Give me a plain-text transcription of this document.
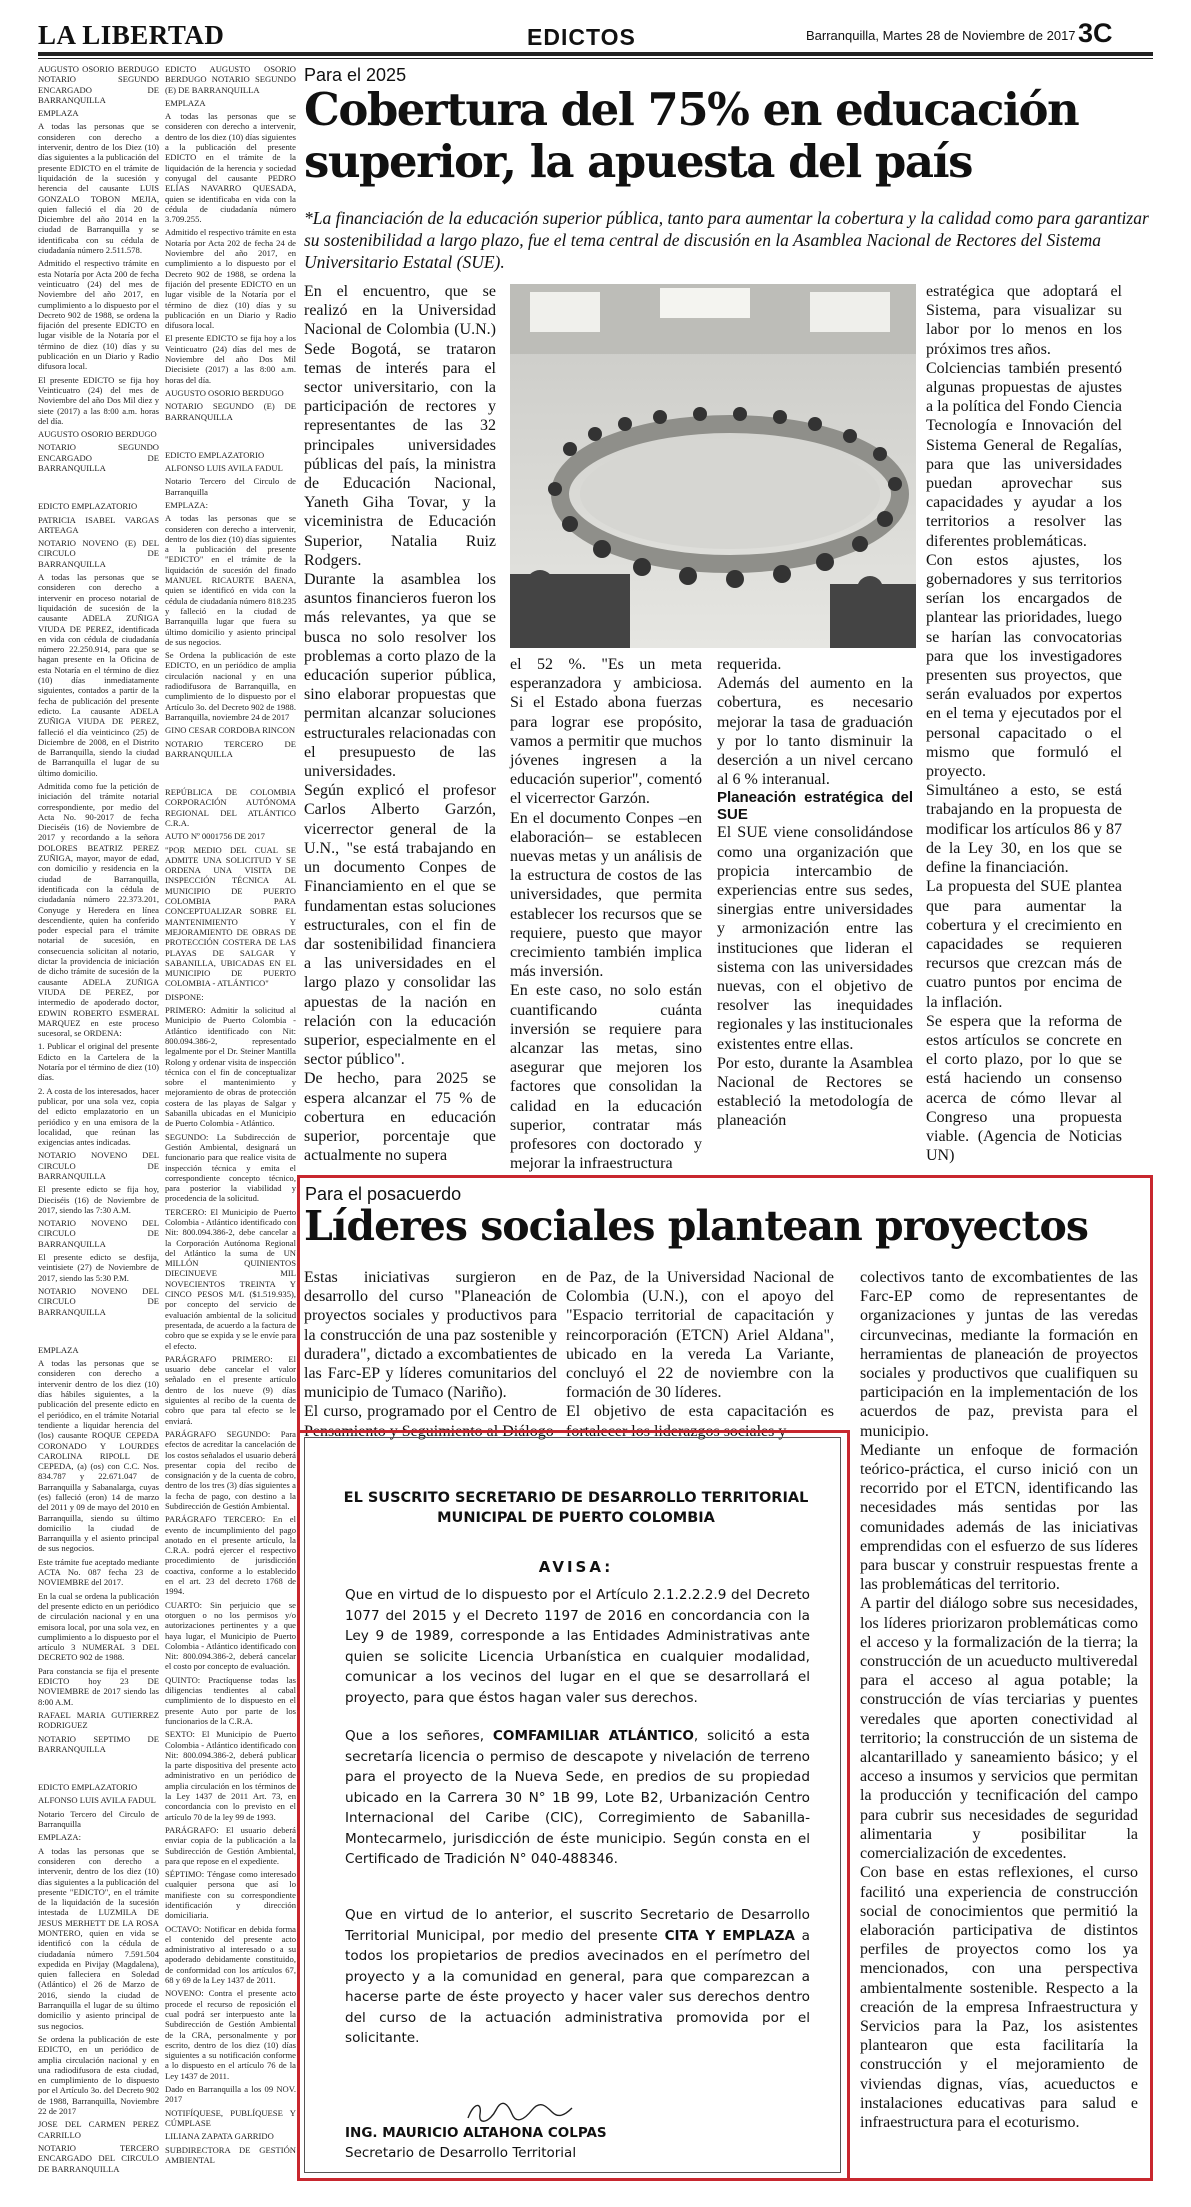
LA LIBERTAD	EDICTOS	Barranquilla, Martes 28 de Noviembre de 2017 3C

AUGUSTO OSORIO BERDUGO NOTARIO SEGUNDO ENCARGADO DE BARRANQUILLA

EMPLAZA

A todas las personas que se consideren con derecho a intervenir, dentro de los Diez (10) días siguientes a la publicación del presente EDICTO en el trámite de liquidación de la sucesión y herencia del causante LUIS GONZALO TOBON MEJIA, quien falleció el día 20 de Diciembre del año 2014 en la ciudad de Barranquilla y se identificaba con su cédula de ciudadanía número 2.511.578.

Admitido el respectivo trámite en esta Notaría por Acta 200 de fecha veinticuatro (24) del mes de Noviembre del año 2017, en cumplimiento a lo dispuesto por el Decreto 902 de 1988, se ordena la fijación del presente EDICTO en lugar visible de la Notaría por el término de diez (10) días y su publicación en un Diario y Radio difusora local.

El presente EDICTO se fija hoy Veinticuatro (24) del mes de Noviembre del año Dos Mil diez y siete (2017) a las 8:00 a.m. horas del día.

AUGUSTO OSORIO BERDUGO

NOTARIO SEGUNDO ENCARGADO DE BARRANQUILLA

EDICTO EMPLAZATORIO

PATRICIA ISABEL VARGAS ARTEAGA

NOTARIO NOVENO (E) DEL CIRCULO DE BARRANQUILLA

A todas las personas que se consideren con derecho a intervenir en proceso notarial de liquidación de sucesión de la causante ADELA ZUÑIGA VIUDA DE PEREZ, identificada en vida con cédula de ciudadanía número 22.250.914, para que se hagan presente en la Oficina de esta Notaría en el término de diez (10) días inmediatamente siguientes, contados a partir de la fecha de publicación del presente edicto. La causante ADELA ZUÑIGA VIUDA DE PEREZ, falleció el día veinticinco (25) de Diciembre de 2008, en el Distrito de Barranquilla, siendo la ciudad de Barranquilla el lugar de su último domicilio.

Admitida como fue la petición de iniciación del trámite notarial correspondiente, por medio del Acta No. 90-2017 de fecha Dieciséis (16) de Noviembre de 2017 y recordando a la señora DOLORES BEATRIZ PEREZ ZUÑIGA, mayor, mayor de edad, con domicilio y residencia en la ciudad de Barranquilla, identificada con la cédula de ciudadanía número 22.373.201, Conyuge y Heredera en línea descendiente, quien ha conferido poder especial para el trámite notarial de sucesión, en consecuencia solicitan al notario, dictar la providencia de iniciación de dicho trámite de sucesión de la causante ADELA ZUÑIGA VIUDA DE PEREZ, por intermedio de apoderado doctor, EDWIN ROBERTO ESMERAL MARQUEZ en este proceso sucesoral, se ORDENA:

1. Publicar el original del presente Edicto en la Cartelera de la Notaría por el término de diez (10) días.

2. A costa de los interesados, hacer publicar, por una sola vez, copia del edicto emplazatorio en un periódico y en una emisora de la localidad, que reúnan las exigencias antes indicadas.

NOTARIO NOVENO DEL CIRCULO DE BARRANQUILLA

El presente edicto se fija hoy, Dieciséis (16) de Noviembre de 2017, siendo las 7:30 A.M.

NOTARIO NOVENO DEL CIRCULO DE BARRANQUILLA

El presente edicto se desfija, veintisiete (27) de Noviembre de 2017, siendo las 5:30 P.M.

NOTARIO NOVENO DEL CIRCULO DE BARRANQUILLA

EMPLAZA

A todas las personas que se consideren con derecho a intervenir dentro de los diez (10) días hábiles siguientes, a la publicación del presente edicto en el periódico, en el trámite Notarial tendiente a liquidar herencia del (los) causante ROQUE CEPEDA CORONADO Y LOURDES CAROLINA RIPOLL DE CEPEDA, (a) (os) con C.C. Nos. 834.787 y 22.671.047 de Barranquilla y Sabanalarga, cuyas (es) falleció (eron) 14 de marzo del 2011 y 09 de mayo del 2010 en Barranquilla, siendo su último domicilio la ciudad de Barranquilla y el asiento principal de sus negocios.

Este trámite fue aceptado mediante ACTA No. 087 fecha 23 de NOVIEMBRE del 2017.

En la cual se ordena la publicación del presente edicto en un periódico de circulación nacional y en una emisora local, por una sola vez, en cumplimiento a lo dispuesto por el artículo 3 NUMERAL 3 DEL DECRETO 902 de 1988.

Para constancia se fija el presente EDICTO hoy 23 DE NOVIEMBRE de 2017 siendo las 8:00 A.M.

RAFAEL MARIA GUTIERREZ RODRIGUEZ

NOTARIO SEPTIMO DE BARRANQUILLA

EDICTO EMPLAZATORIO

ALFONSO LUIS AVILA FADUL

Notario Tercero del Circulo de Barranquilla

EMPLAZA:

A todas las personas que se consideren con derecho a intervenir, dentro de los diez (10) días siguientes a la publicación del presente "EDICTO", en el trámite de la liquidación de la sucesión intestada de LUZMILA DE JESUS MERHETT DE LA ROSA MONTERO, quien en vida se identificó con la cédula de ciudadanía número 7.591.504 expedida en Pivijay (Magdalena), quien falleciera en Soledad (Atlántico) el 26 de Marzo de 2016, siendo la ciudad de Barranquilla el lugar de su último domicilio y asiento principal de sus negocios.

Se ordena la publicación de este EDICTO, en un periódico de amplia circulación nacional y en una radiodifusora de esta ciudad, en cumplimiento de lo dispuesto por el Artículo 3o. del Decreto 902 de 1988, Barranquilla, Noviembre 22 de 2017

JOSE DEL CARMEN PEREZ CARRILLO

NOTARIO TERCERO ENCARGADO DEL CIRCULO DE BARRANQUILLA

EDICTO AUGUSTO OSORIO BERDUGO NOTARIO SEGUNDO (E) DE BARRANQUILLA

EMPLAZA

A todas las personas que se consideren con derecho a intervenir, dentro de los diez (10) días siguientes a la publicación del presente EDICTO en el trámite de la liquidación de la herencia y sociedad conyugal del causante PEDRO ELÍAS NAVARRO QUESADA, quien se identificaba en vida con la cédula de ciudadanía número 3.709.255.

Admitido el respectivo trámite en esta Notaría por Acta 202 de fecha 24 de Noviembre del año 2017, en cumplimiento a lo dispuesto por el Decreto 902 de 1988, se ordena la fijación del presente EDICTO en un lugar visible de la Notaría por el término de diez (10) días y su publicación en un Diario y Radio difusora local.

El presente EDICTO se fija hoy a los Veinticuatro (24) días del mes de Noviembre del año Dos Mil Diecisiete (2017) a las 8:00 a.m. horas del día.

AUGUSTO OSORIO BERDUGO

NOTARIO SEGUNDO (E) DE BARRANQUILLA

EDICTO EMPLAZATORIO

ALFONSO LUIS AVILA FADUL

Notario Tercero del Circulo de Barranquilla

EMPLAZA:

A todas las personas que se consideren con derecho a intervenir, dentro de los diez (10) días siguientes a la publicación del presente "EDICTO" en el trámite de la liquidación de sucesión del finado MANUEL RICAURTE BAENA, quien se identificó en vida con la cédula de ciudadanía número 818.235 y falleció en la ciudad de Barranquilla lugar que fuera su último domicilio y asiento principal de sus negocios.

Se Ordena la publicación de este EDICTO, en un periódico de amplia circulación nacional y en una radiodifusora de Barranquilla, en cumplimiento de lo dispuesto por el Artículo 3o. del Decreto 902 de 1988. Barranquilla, noviembre 24 de 2017

GINO CESAR CORDOBA RINCON

NOTARIO TERCERO DE BARRANQUILLA

REPÚBLICA DE COLOMBIA CORPORACIÓN AUTÓNOMA REGIONAL DEL ATLÁNTICO C.R.A.

AUTO Nº 0001756 DE 2017

"POR MEDIO DEL CUAL SE ADMITE UNA SOLICITUD Y SE ORDENA UNA VISITA DE INSPECCIÓN TÉCNICA AL MUNICIPIO DE PUERTO COLOMBIA PARA CONCEPTUALIZAR SOBRE EL MANTENIMIENTO Y MEJORAMIENTO DE OBRAS DE PROTECCIÓN COSTERA DE LAS PLAYAS DE SALGAR Y SABANILLA, UBICADAS EN EL MUNICIPIO DE PUERTO COLOMBIA - ATLÁNTICO"

DISPONE:

PRIMERO: Admitir la solicitud al Municipio de Puerto Colombia - Atlántico identificado con Nit: 800.094.386-2, representado legalmente por el Dr. Steiner Mantilla Rolong y ordenar visita de inspección técnica con el fin de conceptualizar sobre el mantenimiento y mejoramiento de obras de protección costera de las playas de Salgar y Sabanilla ubicadas en el Municipio de Puerto Colombia - Atlántico.

SEGUNDO: La Subdirección de Gestión Ambiental, designará un funcionario para que realice visita de inspección técnica y emita el correspondiente concepto técnico, para posterior la viabilidad y procedencia de la solicitud.

TERCERO: El Municipio de Puerto Colombia - Atlántico identificado con Nit: 800.094.386-2, debe cancelar a la Corporación Autónoma Regional del Atlántico la suma de UN MILLÓN QUINIENTOS DIECINUEVE MIL NOVECIENTOS TREINTA Y CINCO PESOS M/L ($1.519.935), por concepto del servicio de evaluación ambiental de la solicitud presentada, de acuerdo a la factura de cobro que se expida y se le envíe para el efecto.

PARÁGRAFO PRIMERO: El usuario debe cancelar el valor señalado en el presente artículo dentro de los nueve (9) días siguientes al recibo de la cuenta de cobro que para tal efecto se le enviará.

PARÁGRAFO SEGUNDO: Para efectos de acreditar la cancelación de los costos señalados el usuario deberá presentar copia del recibo de consignación y de la cuenta de cobro, dentro de los tres (3) días siguientes a la fecha de pago, con destino a la Subdirección de Gestión Ambiental.

PARÁGRAFO TERCERO: En el evento de incumplimiento del pago anotado en el presente artículo, la C.R.A. podrá ejercer el respectivo procedimiento de jurisdicción coactiva, conforme a lo establecido en el art. 23 del decreto 1768 de 1994.

CUARTO: Sin perjuicio que se otorguen o no los permisos y/o autorizaciones pertinentes y a que haya lugar, el Municipio de Puerto Colombia - Atlántico identificado con Nit: 800.094.386-2, deberá cancelar el costo por concepto de evaluación.

QUINTO: Practíquense todas las diligencias tendientes al cabal cumplimiento de lo dispuesto en el presente Auto por parte de los funcionarios de la C.R.A.

SEXTO: El Municipio de Puerto Colombia - Atlántico identificado con Nit: 800.094.386-2, deberá publicar la parte dispositiva del presente acto administrativo en un periódico de amplia circulación en los términos de la Ley 1437 de 2011 Art. 73, en concordancia con lo previsto en el artículo 70 de la ley 99 de 1993.

PARÁGRAFO: El usuario deberá enviar copia de la publicación a la Subdirección de Gestión Ambiental, para que repose en el expediente.

SÉPTIMO: Téngase como interesado cualquier persona que así lo manifieste con su correspondiente identificación y dirección domiciliaria.

OCTAVO: Notificar en debida forma el contenido del presente acto administrativo al interesado o a su apoderado debidamente constituido, de conformidad con los artículos 67, 68 y 69 de la Ley 1437 de 2011.

NOVENO: Contra el presente acto procede el recurso de reposición el cual podrá ser interpuesto ante la Subdirección de Gestión Ambiental de la CRA, personalmente y por escrito, dentro de los diez (10) días siguientes a su notificación conforme a lo dispuesto en el artículo 76 de la Ley 1437 de 2011.

Dado en Barranquilla a los 09 NOV. 2017

NOTIFÍQUESE, PUBLÍQUESE Y CÚMPLASE

LILIANA ZAPATA GARRIDO

SUBDIRECTORA DE GESTIÓN AMBIENTAL

Para el 2025
Cobertura del 75% en educación superior, la apuesta del país
*La financiación de la educación superior pública, tanto para aumentar la cobertura y la calidad como para garantizar su sostenibilidad a largo plazo, fue el tema central de discusión en la Asamblea Nacional de Rectores del Sistema Universitario Estatal (SUE).

En el encuentro, que se realizó en la Universidad Nacional de Colombia (U.N.) Sede Bogotá, se trataron temas de interés para el sector universitario, con la participación de rectores y representantes de las 32 principales universidades públicas del país, la ministra de Educación Nacional, Yaneth Giha Tovar, y la viceministra de Educación Superior, Natalia Ruiz Rodgers.

Durante la asamblea los asuntos financieros fueron los más relevantes, ya que se busca no solo resolver los problemas a corto plazo de la educación superior pública, sino elaborar propuestas que permitan alcanzar soluciones estructurales relacionadas con el presupuesto de las universidades.

Según explicó el profesor Carlos Alberto Garzón, vicerrector general de la U.N., "se está trabajando en un documento Conpes de Financiamiento en el que se fundamentan estas soluciones estructurales, con el fin de dar sostenibilidad financiera a las universidades en el largo plazo y consolidar las apuestas de la nación en relación con la educación superior, especialmente en el sector público".

De hecho, para 2025 se espera alcanzar el 75 % de cobertura en educación superior, porcentaje que actualmente no supera

el 52 %. "Es un meta esperanzadora y ambiciosa. Si el Estado abona fuerzas para lograr ese propósito, vamos a permitir que muchos jóvenes ingresen a la educación superior", comentó el vicerrector Garzón.

En el documento Conpes –en elaboración– se establecen nuevas metas y un análisis de la estructura de costos de las universidades, que permita establecer los recursos que se requiere, puesto que mayor crecimiento también implica más inversión.

En este caso, no solo están cuantificando cuánta inversión se requiere para alcanzar las metas, sino asegurar que mejoren los factores que consolidan la calidad en la educación superior, contratar más profesores con doctorado y mejorar la infraestructura

requerida.

Además del aumento en la cobertura, es necesario mejorar la tasa de graduación y por lo tanto disminuir la deserción a un nivel cercano al 6 % interanual.

Planeación estratégica del SUE

El SUE viene consolidándose como una organización que propicia intercambio de experiencias entre sus sedes, sinergias entre universidades y armonización entre las instituciones que lideran el sistema con las universidades nuevas, con el objetivo de resolver las inequidades regionales y las institucionales existentes entre ellas.

Por esto, durante la Asamblea Nacional de Rectores se estableció la metodología de planeación

estratégica que adoptará el Sistema, para visualizar su labor por lo menos en los próximos tres años.

Colciencias también presentó algunas propuestas de ajustes a la política del Fondo Ciencia Tecnología e Innovación del Sistema General de Regalías, para que las universidades puedan aprovechar sus capacidades y ayudar a los territorios a resolver las diferentes problemáticas.

Con estos ajustes, los gobernadores y sus territorios serían los encargados de plantear las prioridades, luego se harían las convocatorias para que los investigadores presenten sus proyectos, que serán evaluados por expertos en el tema y ejecutados por el personal capacitado o el mismo que formuló el proyecto.

Simultáneo a esto, se está trabajando en la propuesta de modificar los artículos 86 y 87 de la Ley 30, en los que se define la financiación.

La propuesta del SUE plantea que para aumentar la cobertura y el crecimiento en capacidades se requieren recursos que crezcan más de cuatro puntos por encima de la inflación.

Se espera que la reforma de estos artículos se concrete en el corto plazo, por lo que se está haciendo un consenso acerca de cómo llevar al Congreso una propuesta viable. (Agencia de Noticias UN)

Para el posacuerdo
Líderes sociales plantean proyectos

Estas iniciativas surgieron en desarrollo del curso "Planeación de proyectos sociales y productivos para la construcción de una paz sostenible y duradera", dictado a excombatientes de las Farc-EP y líderes comunitarios del municipio de Tumaco (Nariño).

El curso, programado por el Centro de Pensamiento y Seguimiento al Diálogo

de Paz, de la Universidad Nacional de Colombia (U.N.), con el apoyo del "Espacio territorial de capacitación y reincorporación (ETCN) Ariel Aldana", ubicado en la vereda La Variante, concluyó el 22 de noviembre con la formación de 30 líderes.

El objetivo de esta capacitación es fortalecer los liderazgos sociales y

colectivos tanto de excombatientes de las Farc-EP como de representantes de organizaciones y juntas de las veredas circunvecinas, mediante la formación en herramientas de planeación de proyectos sociales y productivos que cualifiquen su participación en la implementación de los acuerdos de paz, prevista para el municipio.

Mediante un enfoque de formación teórico-práctica, el curso inició con un recorrido por el ETCN, identificando las necesidades más sentidas por las comunidades además de las iniciativas emprendidas con el esfuerzo de sus líderes para buscar y construir respuestas frente a las problemáticas del territorio.

A partir del diálogo sobre sus necesidades, los líderes priorizaron problemáticas como el acceso y la formalización de la tierra; la construcción de un acueducto multiveredal para el acceso al agua potable; la construcción de vías terciarias y puentes veredales que aporten conectividad al territorio; la construcción de un sistema de alcantarillado y saneamiento básico; y el acceso a insumos y servicios que permitan la producción y tecnificación del campo para cubrir sus necesidades de seguridad alimentaria y posibilitar la comercialización de excedentes.

Con base en estas reflexiones, el curso facilitó una experiencia de construcción social de conocimientos que permitió la elaboración participativa de distintos perfiles de proyectos como los ya mencionados, con una perspectiva ambientalmente sostenible. Respecto a la creación de la empresa Infraestructura y Servicios para la Paz, los asistentes plantearon que esta facilitaría la construcción y el mejoramiento de viviendas dignas, vías, acueductos e instalaciones educativas para salud e infraestructura para el ecoturismo.

EL SUSCRITO SECRETARIO DE DESARROLLO TERRITORIAL MUNICIPAL DE PUERTO COLOMBIA
AVISA:
Que en virtud de lo dispuesto por el Artículo 2.1.2.2.2.9 del Decreto 1077 del 2015 y el Decreto 1197 de 2016 en concordancia con la Ley 9 de 1989, corresponde a las Entidades Administrativas ante quien se solicite Licencia Urbanística en cualquier modalidad, comunicar a los vecinos del lugar en el que se desarrollará el proyecto, para que éstos hagan valer sus derechos.
Que a los señores, COMFAMILIAR ATLÁNTICO, solicitó a esta secretaría licencia o permiso de descapote y nivelación de terreno para el proyecto de la Nueva Sede, en predios de su propiedad ubicado en la Carrera 30 N° 1B 99, Lote B2, Urbanización Centro Internacional del Caribe (CIC), Corregimiento de Sabanilla-Montecarmelo, jurisdicción de éste municipio. Según consta en el Certificado de Tradición N° 040-488346.
Que en virtud de lo anterior, el suscrito Secretario de Desarrollo Territorial Municipal, por medio del presente CITA Y EMPLAZA a todos los propietarios de predios avecinados en el perímetro del proyecto y a la comunidad en general, para que comparezcan a hacerse parte de éste proyecto y hacer valer sus derechos dentro del curso de la actuación administrativa promovida por el solicitante.
ING. MAURICIO ALTAHONA COLPAS
Secretario de Desarrollo Territorial
